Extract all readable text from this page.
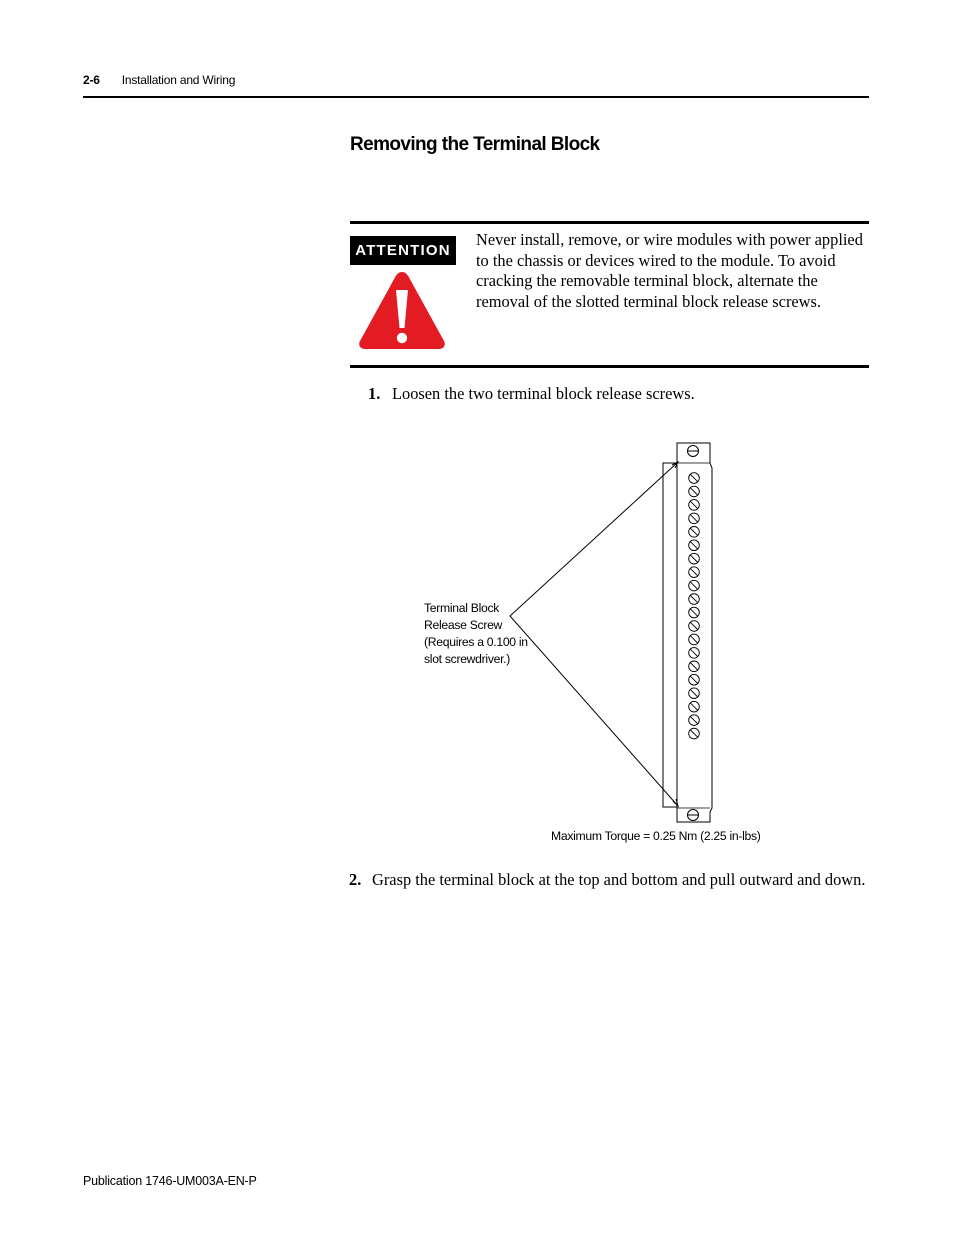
2-6 Installation and Wiring
Removing the Terminal Block
ATTENTION
Never install, remove, or wire modules with power applied to the chassis or devices wired to the module. To avoid cracking the removable terminal block, alternate the removal of the slotted terminal block release screws.
1. Loosen the two terminal block release screws.
Terminal Block
Release Screw
(Requires a 0.100 in
slot screwdriver.)
Maximum Torque = 0.25 Nm (2.25 in-lbs)
2. Grasp the terminal block at the top and bottom and pull outward and down.
Publication 1746-UM003A-EN-P
